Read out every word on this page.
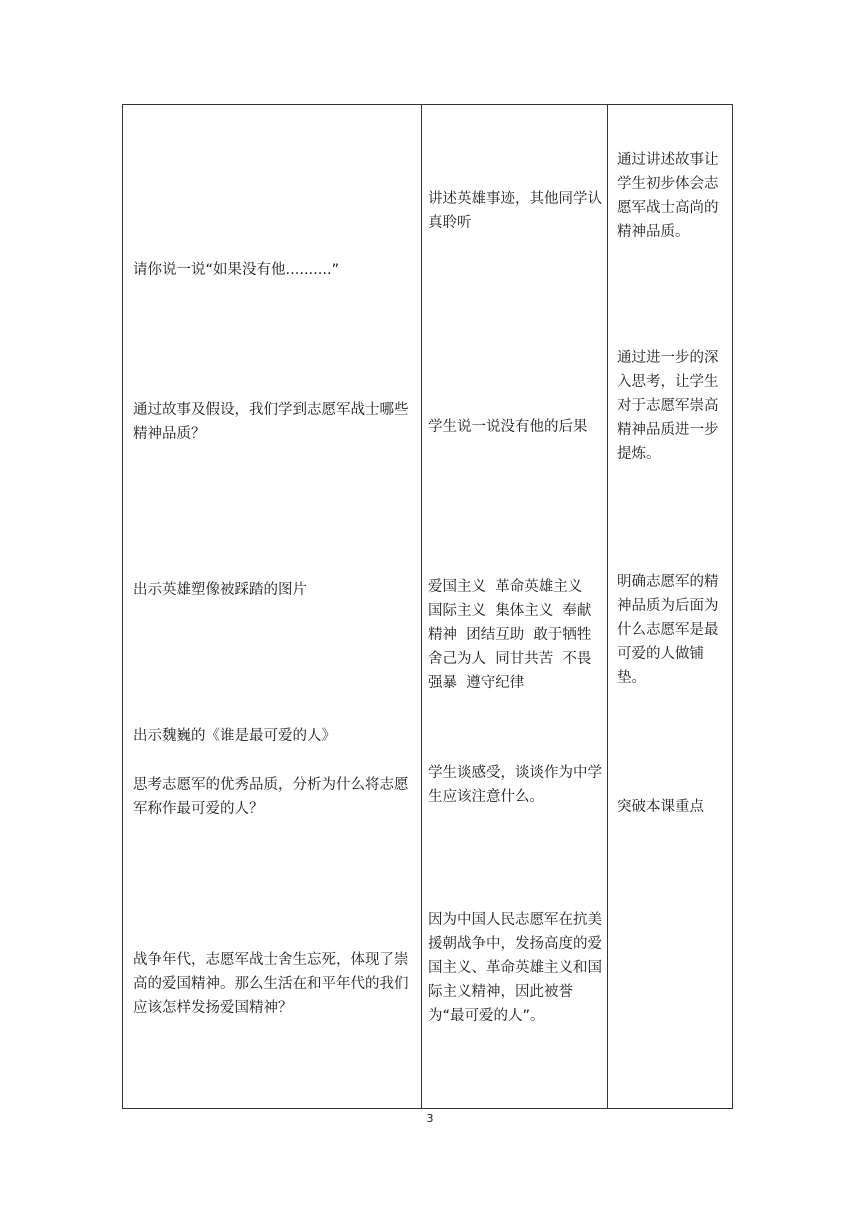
请你说一说“如果没有他..........”
通过故事及假设，我们学到志愿军战士哪些精神品质？
出示英雄塑像被踩踏的图片
出示魏巍的《谁是最可爱的人》
思考志愿军的优秀品质，分析为什么将志愿军称作最可爱的人？
战争年代，志愿军战士舍生忘死，体现了崇高的爱国精神。那么生活在和平年代的我们应该怎样发扬爱国精神？
讲述英雄事迹，其他同学认真聆听
学生说一说没有他的后果
爱国主义  革命英雄主义  国际主义  集体主义  奉献精神  团结互助  敢于牺牲  舍己为人  同甘共苦  不畏强暴  遵守纪律
学生谈感受，谈谈作为中学生应该注意什么。
因为中国人民志愿军在抗美援朝战争中，发扬高度的爱国主义、革命英雄主义和国际主义精神，因此被誉为“最可爱的人”。
通过讲述故事让学生初步体会志愿军战士高尚的精神品质。
通过进一步的深入思考，让学生对于志愿军崇高精神品质进一步提炼。
明确志愿军的精神品质为后面为什么志愿军是最可爱的人做铺垫。
突破本课重点
3
